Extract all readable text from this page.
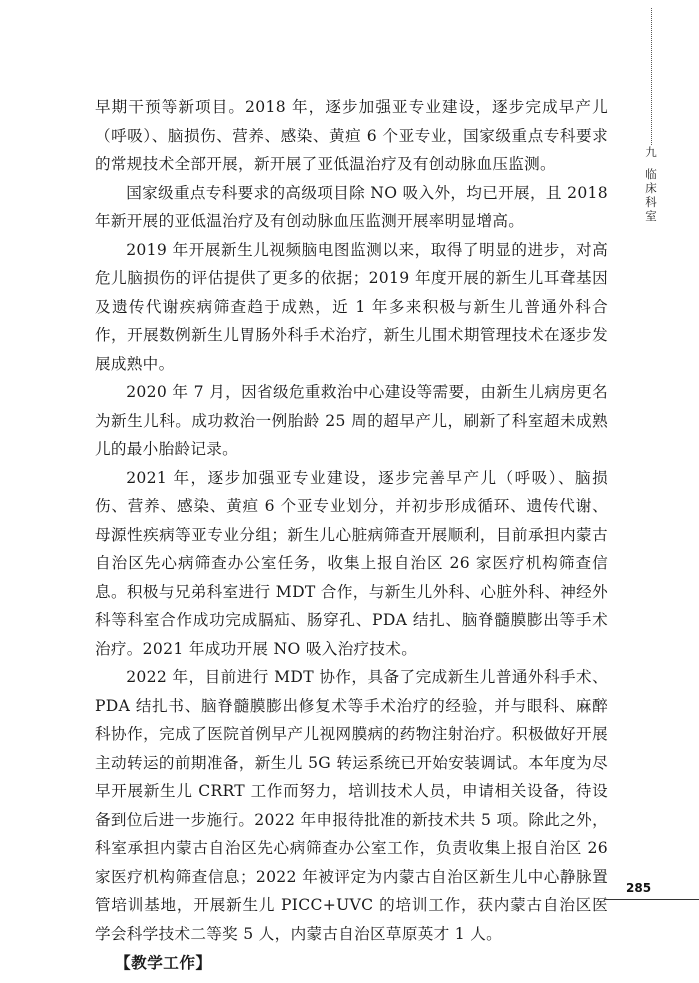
九
临床科室

早期干预等新项目。2018 年，逐步加强亚专业建设，逐步完成早产儿（呼吸）、脑损伤、营养、感染、黄疸 6 个亚专业，国家级重点专科要求的常规技术全部开展，新开展了亚低温治疗及有创动脉血压监测。

国家级重点专科要求的高级项目除 NO 吸入外，均已开展，且 2018 年新开展的亚低温治疗及有创动脉血压监测开展率明显增高。

2019 年开展新生儿视频脑电图监测以来，取得了明显的进步，对高危儿脑损伤的评估提供了更多的依据；2019 年度开展的新生儿耳聋基因及遗传代谢疾病筛查趋于成熟，近 1 年多来积极与新生儿普通外科合作，开展数例新生儿胃肠外科手术治疗，新生儿围术期管理技术在逐步发展成熟中。

2020 年 7 月，因省级危重救治中心建设等需要，由新生儿病房更名为新生儿科。成功救治一例胎龄 25 周的超早产儿，刷新了科室超未成熟儿的最小胎龄记录。

2021 年，逐步加强亚专业建设，逐步完善早产儿（呼吸）、脑损伤、营养、感染、黄疸 6 个亚专业划分，并初步形成循环、遗传代谢、母源性疾病等亚专业分组；新生儿心脏病筛查开展顺利，目前承担内蒙古自治区先心病筛查办公室任务，收集上报自治区 26 家医疗机构筛查信息。积极与兄弟科室进行 MDT 合作，与新生儿外科、心脏外科、神经外科等科室合作成功完成膈疝、肠穿孔、PDA 结扎、脑脊髓膜膨出等手术治疗。2021 年成功开展 NO 吸入治疗技术。

2022 年，目前进行 MDT 协作，具备了完成新生儿普通外科手术、PDA 结扎书、脑脊髓膜膨出修复术等手术治疗的经验，并与眼科、麻醉科协作，完成了医院首例早产儿视网膜病的药物注射治疗。积极做好开展主动转运的前期准备，新生儿 5G 转运系统已开始安装调试。本年度为尽早开展新生儿 CRRT 工作而努力，培训技术人员，申请相关设备，待设备到位后进一步施行。2022 年申报待批准的新技术共 5 项。除此之外，科室承担内蒙古自治区先心病筛查办公室工作，负责收集上报自治区 26 家医疗机构筛查信息；2022 年被评定为内蒙古自治区新生儿中心静脉置管培训基地，开展新生儿 PICC+UVC 的培训工作，获内蒙古自治区医学会科学技术二等奖 5 人，内蒙古自治区草原英才 1 人。

【教学工作】
285
